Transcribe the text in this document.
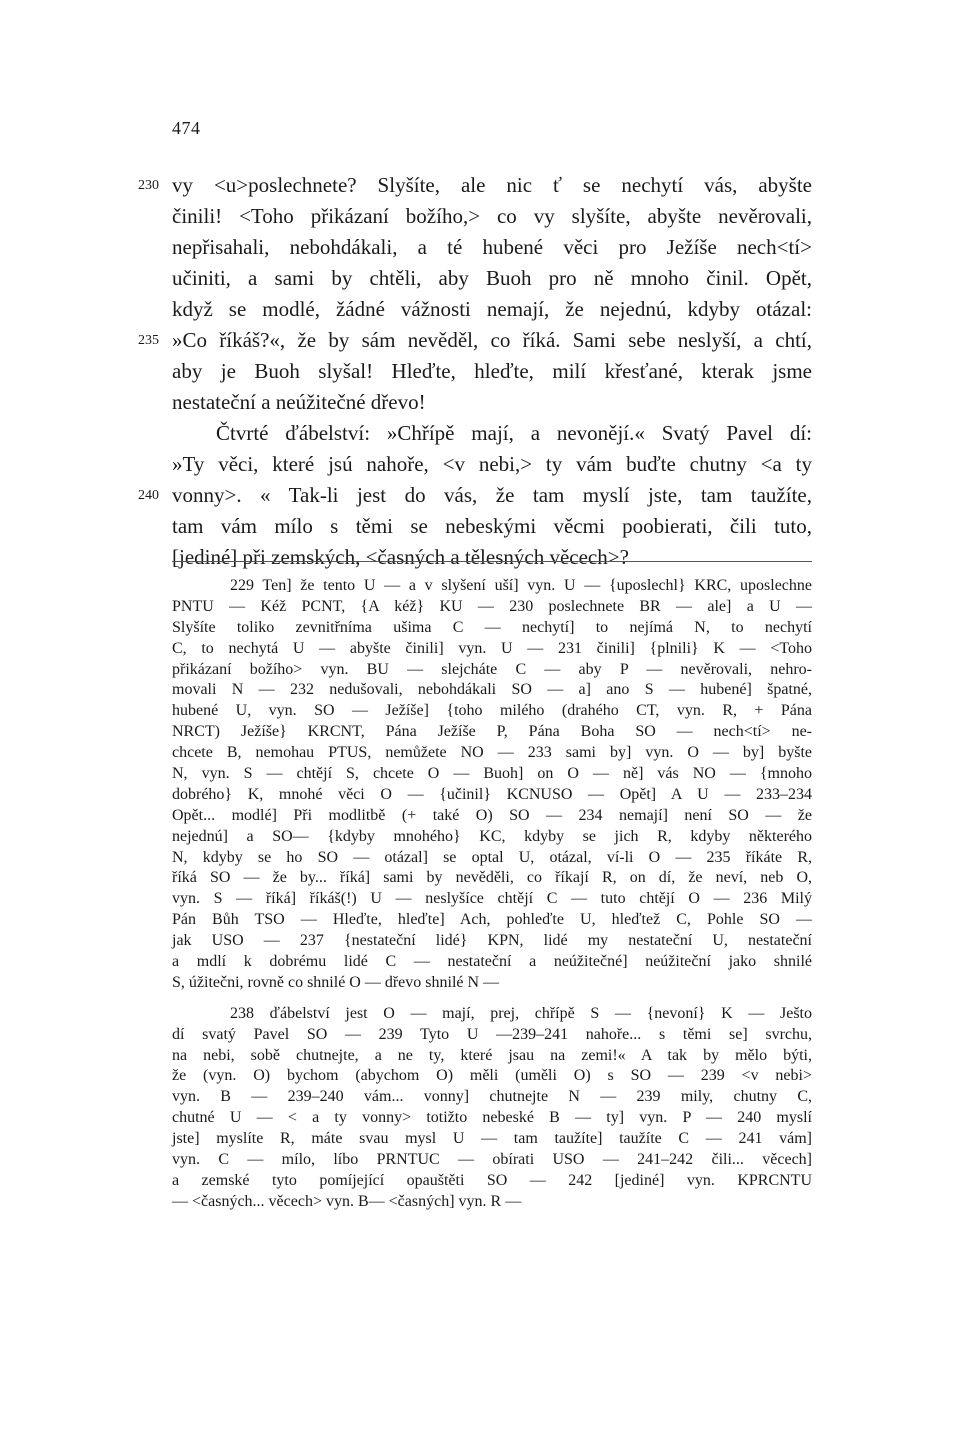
474
230 vy <u>poslechnete? Slyšíte, ale nic ť se nechytí vás, abyšte
činili! <Toho přikázaní božího,> co vy slyšíte, abyšte nevěrovali,
nepřisahali, nebohdákali, a té hubené věci pro Ježíše nech<tí>
učiniti, a sami by chtěli, aby Buoh pro ně mnoho činil. Opět,
když se modlé, žádné vážnosti nemají, že nejednú, kdyby otázal:
235 »Co říkáš?«, že by sám nevěděl, co říká. Sami sebe neslyší, a chtí,
aby je Buoh slyšal! Hleďte, hleďte, milí křesťané, kterak jsme
nestateční a neúžitečné dřevo!
Čtvrté ďábelství: »Chřípě mají, a nevonějí.« Svatý Pavel dí:
»Ty věci, které jsú nahoře, <v nebi,> ty vám buďte chutny <a ty
240 vonny>. « Tak-li jest do vás, že tam myslí jste, tam taužíte,
tam vám mílo s těmi se nebeskými věcmi poobierati, čili tuto,
[jediné] při zemských, <časných a tělesných věcech>?
229 Ten] že tento U — a v slyšení uší] vyn. U — {uposlechl} KRC, uposlechne
PNTU — Kéž PCNT, {A kéž} KU — 230 poslechnete BR — ale] a U —
Slyšíte toliko zevnitřníma ušima C — nechytí] to nejímá N, to nechytí
C, to nechytá U — abyšte činili] vyn. U — 231 činili] {plnili} K — <Toho
přikázaní božího> vyn. BU — slejcháte C — aby P — nevěrovali, nehro-
movali N — 232 nedušovali, nebohdákali SO — a] ano S — hubené] špatné,
hubené U, vyn. SO — Ježíše] {toho milého (drahého CT, vyn. R, + Pána
NRCT) Ježíše} KRCNT, Pána Ježíše P, Pána Boha SO — nech<tí> ne-
chcete B, nemohau PTUS, nemůžete NO — 233 sami by] vyn. O — by] byšte
N, vyn. S — chtějí S, chcete O — Buoh] on O — ně] vás NO — {mnoho
dobrého} K, mnohé věci O — {učinil} KCNUSO — Opět] A U — 233–234
Opět... modlé] Při modlitbě (+ také O) SO — 234 nemají] není SO — že
nejednú] a SO— {kdyby mnohého} KC, kdyby se jich R, kdyby některého
N, kdyby se ho SO — otázal] se optal U, otázal, ví-li O — 235 říkáte R,
říká SO — že by... říká] sami by nevěděli, co říkají R, on dí, že neví, neb O,
vyn. S — říká] říkáš(!) U — neslyšíce chtějí C — tuto chtějí O — 236 Milý
Pán Bůh TSO — Hleďte, hleďte] Ach, pohleďte U, hleďtež C, Pohle SO —
jak USO — 237 {nestateční lidé} KPN, lidé my nestateční U, nestateční
a mdlí k dobrému lidé C — nestateční a neúžitečné] neúžiteční jako shnilé
S, úžitečni, rovně co shnilé O — dřevo shnilé N —
238 ďábelství jest O — mají, prej, chřípě S — {nevoní} K — Ješto
dí svatý Pavel SO — 239 Tyto U —239–241 nahoře... s těmi se] svrchu,
na nebi, sobě chutnejte, a ne ty, které jsau na zemi!« A tak by mělo býti,
že (vyn. O) bychom (abychom O) měli (uměli O) s SO — 239 <v nebi>
vyn. B — 239–240 vám... vonny] chutnejte N — 239 mily, chutny C,
chutné U — < a ty vonny> totižto nebeské B — ty] vyn. P — 240 myslí
jste] myslíte R, máte svau mysl U — tam taužíte] taužíte C — 241 vám]
vyn. C — mílo, líbo PRNTUC — obírati USO — 241–242 čili... věcech]
a zemské tyto pomíjející opauštěti SO — 242 [jediné] vyn. KPRCNTU
— <časných... věcech> vyn. B— <časných] vyn. R —
